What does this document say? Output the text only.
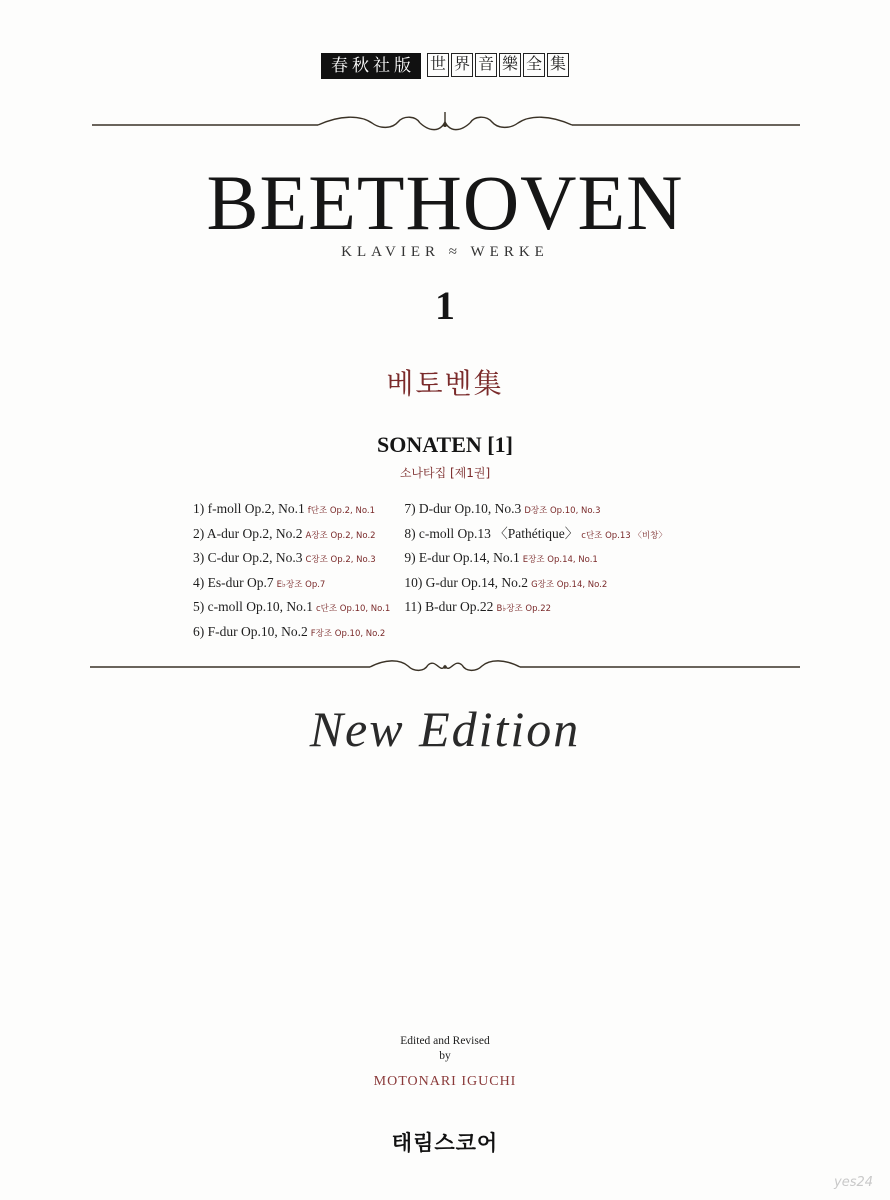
春秋社版 世 界 音 樂 全 集
BEETHOVEN
KLAVIER ≈ WERKE
1
베토벤集
SONATEN [1]
소나타집 [제1권]
1) f-moll Op.2, No.1 f단조 Op.2, No.1
2) A-dur Op.2, No.2 A장조 Op.2, No.2
3) C-dur Op.2, No.3 C장조 Op.2, No.3
4) Es-dur Op.7 E♭장조 Op.7
5) c-moll Op.10, No.1 c단조 Op.10, No.1
6) F-dur Op.10, No.2 F장조 Op.10, No.2
7) D-dur Op.10, No.3 D장조 Op.10, No.3
8) c-moll Op.13 〈Pathétique〉 c단조 Op.13 〈비창〉
9) E-dur Op.14, No.1 E장조 Op.14, No.1
10) G-dur Op.14, No.2 G장조 Op.14, No.2
11) B-dur Op.22 B♭장조 Op.22
New Edition
Edited and Revised
by
MOTONARI IGUCHI
태림스코어
yes24
